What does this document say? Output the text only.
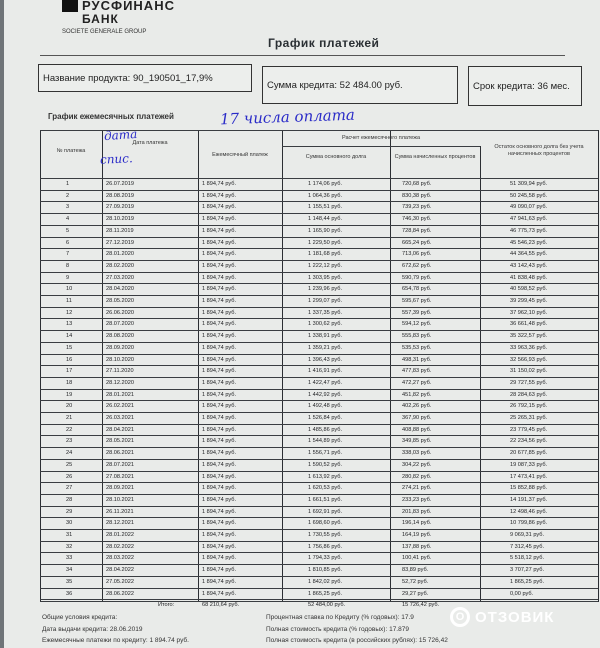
РУСФИНАНС
БАНК
SOCIETE GENERALE GROUP
График платежей
Название продукта:
90_190501_17,9%
Сумма кредита:
52 484.00 руб.	Срок кредита:
36 мес.
График ежемесячных платежей	17 числа оплата
№ платежа
Дата платежа
Ежемесячный платеж
Расчет ежемесячного платежа
Сумма основного долга	Сумма начисленных процентов
Остаток основного долга без учета начисленных процентов
1	26.07.2019	1 894,74 руб.	1 174,06 руб.	720,68 руб.	51 309,94 руб.
2	28.08.2019	1 894,74 руб.	1 064,36 руб.	830,38 руб.	50 245,58 руб.
3	27.09.2019	1 894,74 руб.	1 155,51 руб.	739,23 руб.	49 090,07 руб.
4	28.10.2019	1 894,74 руб.	1 148,44 руб.	746,30 руб.	47 941,63 руб.
5	28.11.2019	1 894,74 руб.	1 165,90 руб.	728,84 руб.	46 775,73 руб.
6	27.12.2019	1 894,74 руб.	1 229,50 руб.	665,24 руб.	45 546,23 руб.
7	28.01.2020	1 894,74 руб.	1 181,68 руб.	713,06 руб.	44 364,55 руб.
8	28.02.2020	1 894,74 руб.	1 222,12 руб.	672,62 руб.	43 142,43 руб.
9	27.03.2020	1 894,74 руб.	1 303,95 руб.	590,79 руб.	41 838,48 руб.
10	28.04.2020	1 894,74 руб.	1 239,96 руб.	654,78 руб.	40 598,52 руб.
11	28.05.2020	1 894,74 руб.	1 299,07 руб.	595,67 руб.	39 299,45 руб.
12	26.06.2020	1 894,74 руб.	1 337,35 руб.	557,39 руб.	37 962,10 руб.
13	28.07.2020	1 894,74 руб.	1 300,62 руб.	594,12 руб.	36 661,48 руб.
14	28.08.2020	1 894,74 руб.	1 338,91 руб.	555,83 руб.	35 322,57 руб.
15	28.09.2020	1 894,74 руб.	1 359,21 руб.	535,53 руб.	33 963,36 руб.
16	28.10.2020	1 894,74 руб.	1 396,43 руб.	498,31 руб.	32 566,93 руб.
17	27.11.2020	1 894,74 руб.	1 416,91 руб.	477,83 руб.	31 150,02 руб.
18	28.12.2020	1 894,74 руб.	1 422,47 руб.	472,27 руб.	29 727,55 руб.
19	28.01.2021	1 894,74 руб.	1 442,92 руб.	451,82 руб.	28 284,63 руб.
20	26.02.2021	1 894,74 руб.	1 492,48 руб.	402,26 руб.	26 792,15 руб.
21	26.03.2021	1 894,74 руб.	1 526,84 руб.	367,90 руб.	25 265,31 руб.
22	28.04.2021	1 894,74 руб.	1 485,86 руб.	408,88 руб.	23 779,45 руб.
23	28.05.2021	1 894,74 руб.	1 544,89 руб.	349,85 руб.	22 234,56 руб.
24	28.06.2021	1 894,74 руб.	1 556,71 руб.	338,03 руб.	20 677,85 руб.
25	28.07.2021	1 894,74 руб.	1 590,52 руб.	304,22 руб.	19 087,33 руб.
26	27.08.2021	1 894,74 руб.	1 613,92 руб.	280,82 руб.	17 473,41 руб.
27	28.09.2021	1 894,74 руб.	1 620,53 руб.	274,21 руб.	15 852,88 руб.
28	28.10.2021	1 894,74 руб.	1 661,51 руб.	233,23 руб.	14 191,37 руб.
29	26.11.2021	1 894,74 руб.	1 692,91 руб.	201,83 руб.	12 498,46 руб.
30	28.12.2021	1 894,74 руб.	1 698,60 руб.	196,14 руб.	10 799,86 руб.
31	28.01.2022	1 894,74 руб.	1 730,55 руб.	164,19 руб.	9 069,31 руб.
32	28.02.2022	1 894,74 руб.	1 756,86 руб.	137,88 руб.	7 312,45 руб.
33	28.03.2022	1 894,74 руб.	1 794,33 руб.	100,41 руб.	5 518,12 руб.
34	28.04.2022	1 894,74 руб.	1 810,85 руб.	83,89 руб.	3 707,27 руб.
35	27.05.2022	1 894,74 руб.	1 842,02 руб.	52,72 руб.	1 865,25 руб.
36	28.06.2022	1 894,74 руб.	1 865,25 руб.	29,27 руб.	0,00 руб.
Итого:	68 210,64 руб.	52 484,00 руб.	15 726,42 руб.
дата
спис.
Общие условия кредита:
Дата выдачи кредита: 28.06.2019
Ежемесячные платежи по кредиту: 1 894.74 руб.
Процентная ставка по Кредиту (% годовых): 17.9
Полная стоимость кредита (% годовых): 17.879
Полная стоимость кредита (в российских рублях): 15 726,42
О ОТЗОВИК
